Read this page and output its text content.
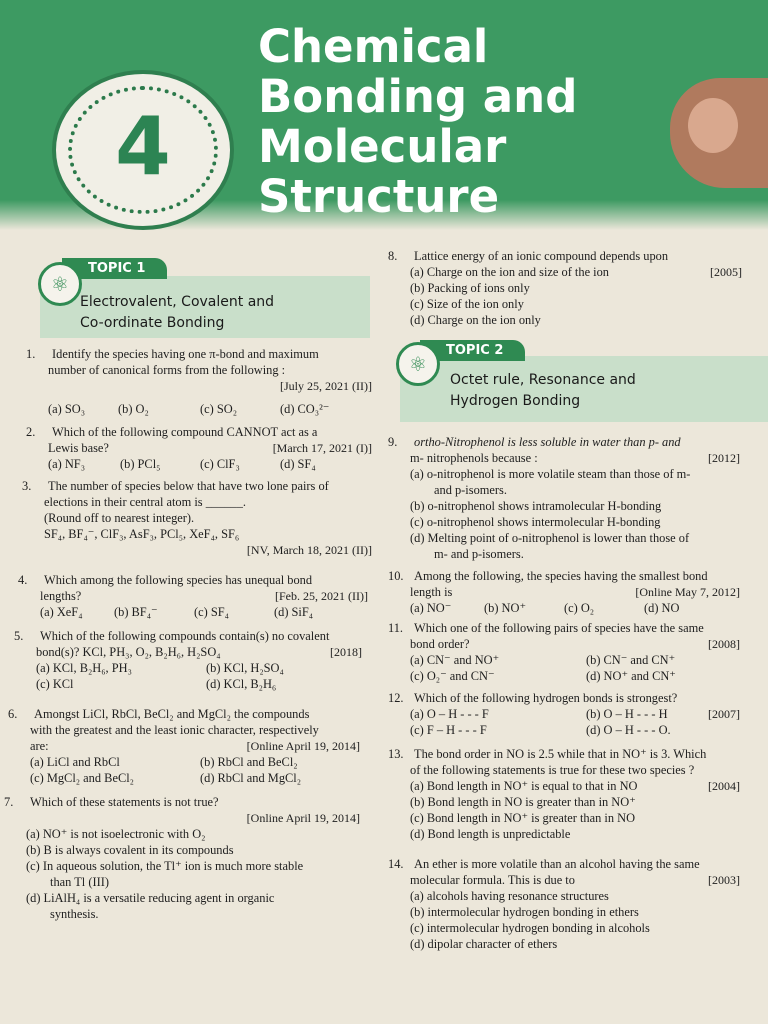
4
Chemical
Bonding and
Molecular
Structure
TOPIC 1
⚛
Electrovalent, Covalent and
Co-ordinate Bonding
TOPIC 2
⚛
Octet rule, Resonance and
Hydrogen Bonding
1. Identify the species having one π-bond and maximum
number of canonical forms from the following :
[July 25, 2021 (II)]
(a) SO₃	(b) O₂	(c) SO₂	(d) CO₃²⁻
2. Which of the following compound CANNOT act as a
Lewis base?	[March 17, 2021 (I)]
(a) NF₃	(b) PCl₅	(c) ClF₃	(d) SF₄
3. The number of species below that have two lone pairs of
elections in their central atom is ______.
(Round off to nearest integer).
SF₄, BF₄⁻, ClF₃, AsF₃, PCl₅, XeF₄, SF₆
[NV, March 18, 2021 (II)]
4. Which among the following species has unequal bond
lengths?	[Feb. 25, 2021 (II)]
(a) XeF₄	(b) BF₄⁻	(c) SF₄	(d) SiF₄
5. Which of the following compounds contain(s) no covalent
bond(s)? KCl, PH₃, O₂, B₂H₆, H₂SO₄	[2018]
(a) KCl, B₂H₆, PH₃	(b) KCl, H₂SO₄
(c) KCl	(d) KCl, B₂H₆
6. Amongst LiCl, RbCl, BeCl₂ and MgCl₂ the compounds
with the greatest and the least ionic character, respectively
are:	[Online April 19, 2014]
(a) LiCl and RbCl	(b) RbCl and BeCl₂
(c) MgCl₂ and BeCl₂	(d) RbCl and MgCl₂
7. Which of these statements is not true?
[Online April 19, 2014]
(a) NO⁺ is not isoelectronic with O₂
(b) B is always covalent in its compounds
(c) In aqueous solution, the Tl⁺ ion is much more stable
than Tl (III)
(d) LiAlH₄ is a versatile reducing agent in organic
synthesis.
8. Lattice energy of an ionic compound depends upon
(a) Charge on the ion and size of the ion	[2005]
(b) Packing of ions only
(c) Size of the ion only
(d) Charge on the ion only
9. ortho-Nitrophenol is less soluble in water than p- and
m- nitrophenols because :	[2012]
(a) o-nitrophenol is more volatile steam than those of m-
and p-isomers.
(b) o-nitrophenol shows intramolecular H-bonding
(c) o-nitrophenol shows intermolecular H-bonding
(d) Melting point of o-nitrophenol is lower than those of
m- and p-isomers.
10. Among the following, the species having the smallest bond
length is	[Online May 7, 2012]
(a) NO⁻	(b) NO⁺	(c) O₂	(d) NO
11. Which one of the following pairs of species have the same
bond order?	[2008]
(a) CN⁻ and NO⁺	(b) CN⁻ and CN⁺
(c) O₂⁻ and CN⁻	(d) NO⁺ and CN⁺
12. Which of the following hydrogen bonds is strongest?
(a) O – H - - - F	(b) O – H - - - H	[2007]
(c) F – H - - - F	(d) O – H - - - O.
13. The bond order in NO is 2.5 while that in NO⁺ is 3. Which
of the following statements is true for these two species ?
(a) Bond length in NO⁺ is equal to that in NO	[2004]
(b) Bond length in NO is greater than in NO⁺
(c) Bond length in NO⁺ is greater than in NO
(d) Bond length is unpredictable
14. An ether is more volatile than an alcohol having the same
molecular formula. This is due to	[2003]
(a) alcohols having resonance structures
(b) intermolecular hydrogen bonding in ethers
(c) intermolecular hydrogen bonding in alcohols
(d) dipolar character of ethers
